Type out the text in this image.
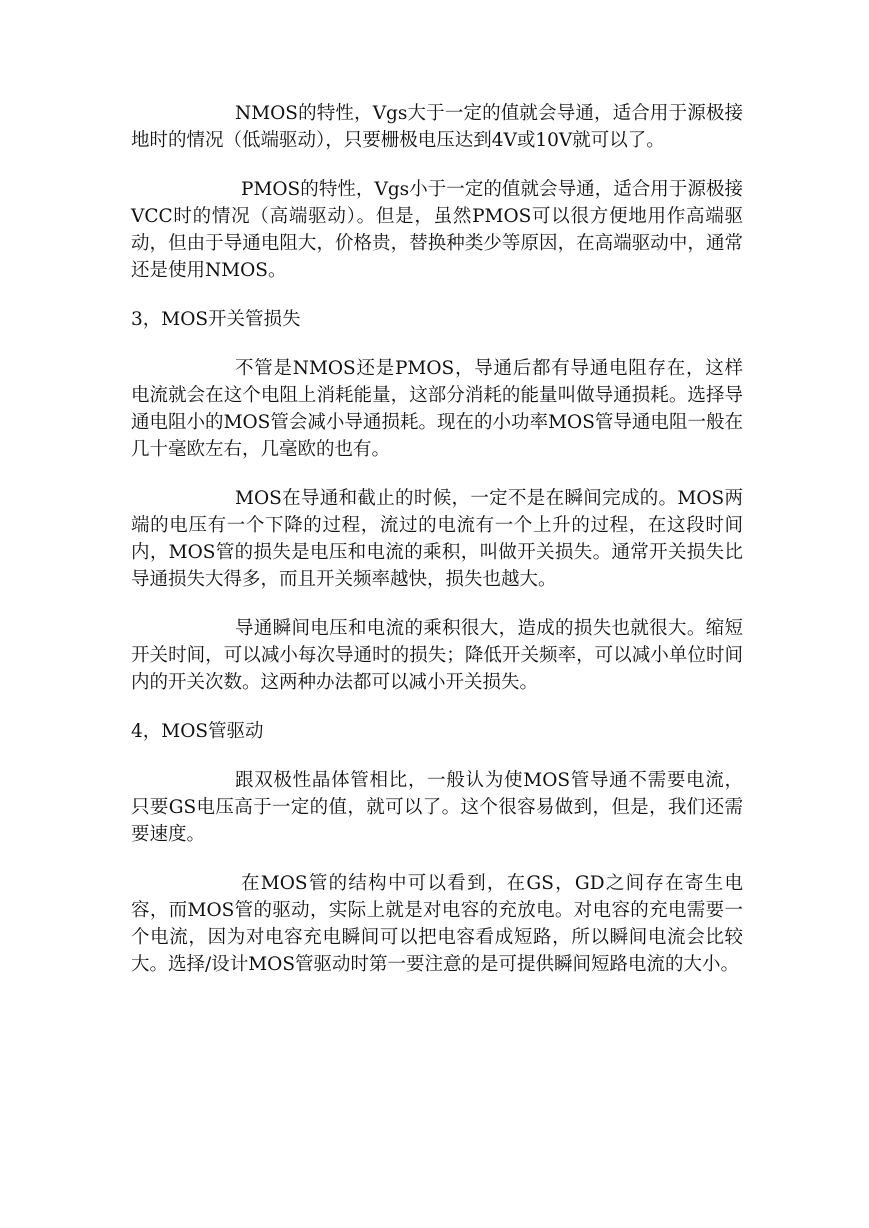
NMOS的特性，Vgs大于一定的值就会导通，适合用于源极接地时的情况（低端驱动），只要栅极电压达到4V或10V就可以了。

PMOS的特性，Vgs小于一定的值就会导通，适合用于源极接VCC时的情况（高端驱动）。但是，虽然PMOS可以很方便地用作高端驱动，但由于导通电阻大，价格贵，替换种类少等原因，在高端驱动中，通常还是使用NMOS。

3，MOS开关管损失

不管是NMOS还是PMOS，导通后都有导通电阻存在，这样电流就会在这个电阻上消耗能量，这部分消耗的能量叫做导通损耗。选择导通电阻小的MOS管会减小导通损耗。现在的小功率MOS管导通电阻一般在几十毫欧左右，几毫欧的也有。

MOS在导通和截止的时候，一定不是在瞬间完成的。MOS两端的电压有一个下降的过程，流过的电流有一个上升的过程，在这段时间内，MOS管的损失是电压和电流的乘积，叫做开关损失。通常开关损失比导通损失大得多，而且开关频率越快，损失也越大。

导通瞬间电压和电流的乘积很大，造成的损失也就很大。缩短开关时间，可以减小每次导通时的损失；降低开关频率，可以减小单位时间内的开关次数。这两种办法都可以减小开关损失。

4，MOS管驱动

跟双极性晶体管相比，一般认为使MOS管导通不需要电流，只要GS电压高于一定的值，就可以了。这个很容易做到，但是，我们还需要速度。

在MOS管的结构中可以看到，在GS，GD之间存在寄生电容，而MOS管的驱动，实际上就是对电容的充放电。对电容的充电需要一个电流，因为对电容充电瞬间可以把电容看成短路，所以瞬间电流会比较大。选择/设计MOS管驱动时第一要注意的是可提供瞬间短路电流的大小。
